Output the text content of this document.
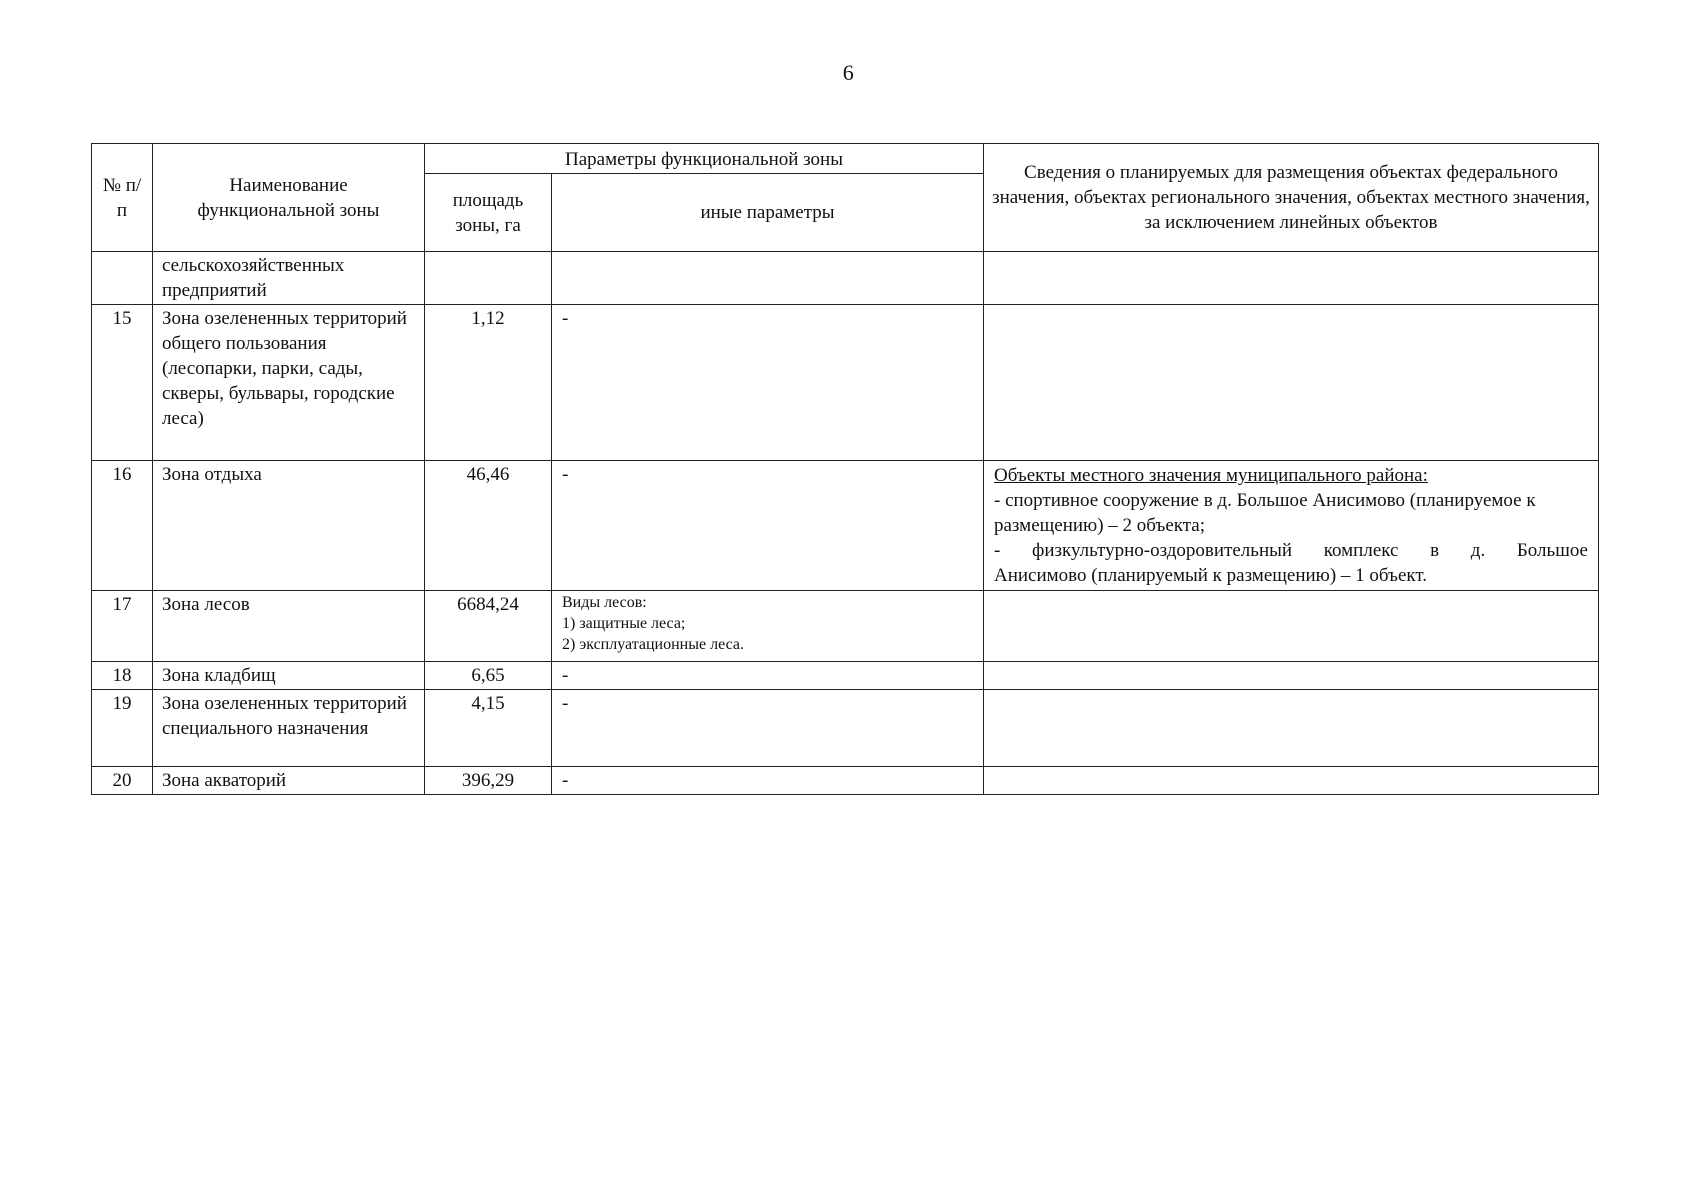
6
№ п/п	Наименование функциональной зоны	Параметры функциональной зоны		Сведения о планируемых для размещения объектах федерального значения, объектах регионального значения, объектах местного значения, за исключением линейных объектов
		площадь зоны, га	иные параметры	
	сельскохозяйственных предприятий			
15	Зона озелененных территорий общего пользования (лесопарки, парки, сады, скверы, бульвары, городские леса)	1,12	-	
16	Зона отдыха	46,46	-	Объекты местного значения муниципального района:
- спортивное сооружение в д. Большое Анисимово (планируемое к размещению) – 2 объекта;
- физкультурно-оздоровительный комплекс в д. Большое
Анисимово (планируемый к размещению) – 1 объект.

17	Зона лесов	6684,24	Виды лесов:
1) защитные леса;
2) эксплуатационные леса.	

18	Зона кладбищ	6,65	-	
19	Зона озелененных территорий специального назначения	4,15	-	
20	Зона акваторий	396,29	-	
